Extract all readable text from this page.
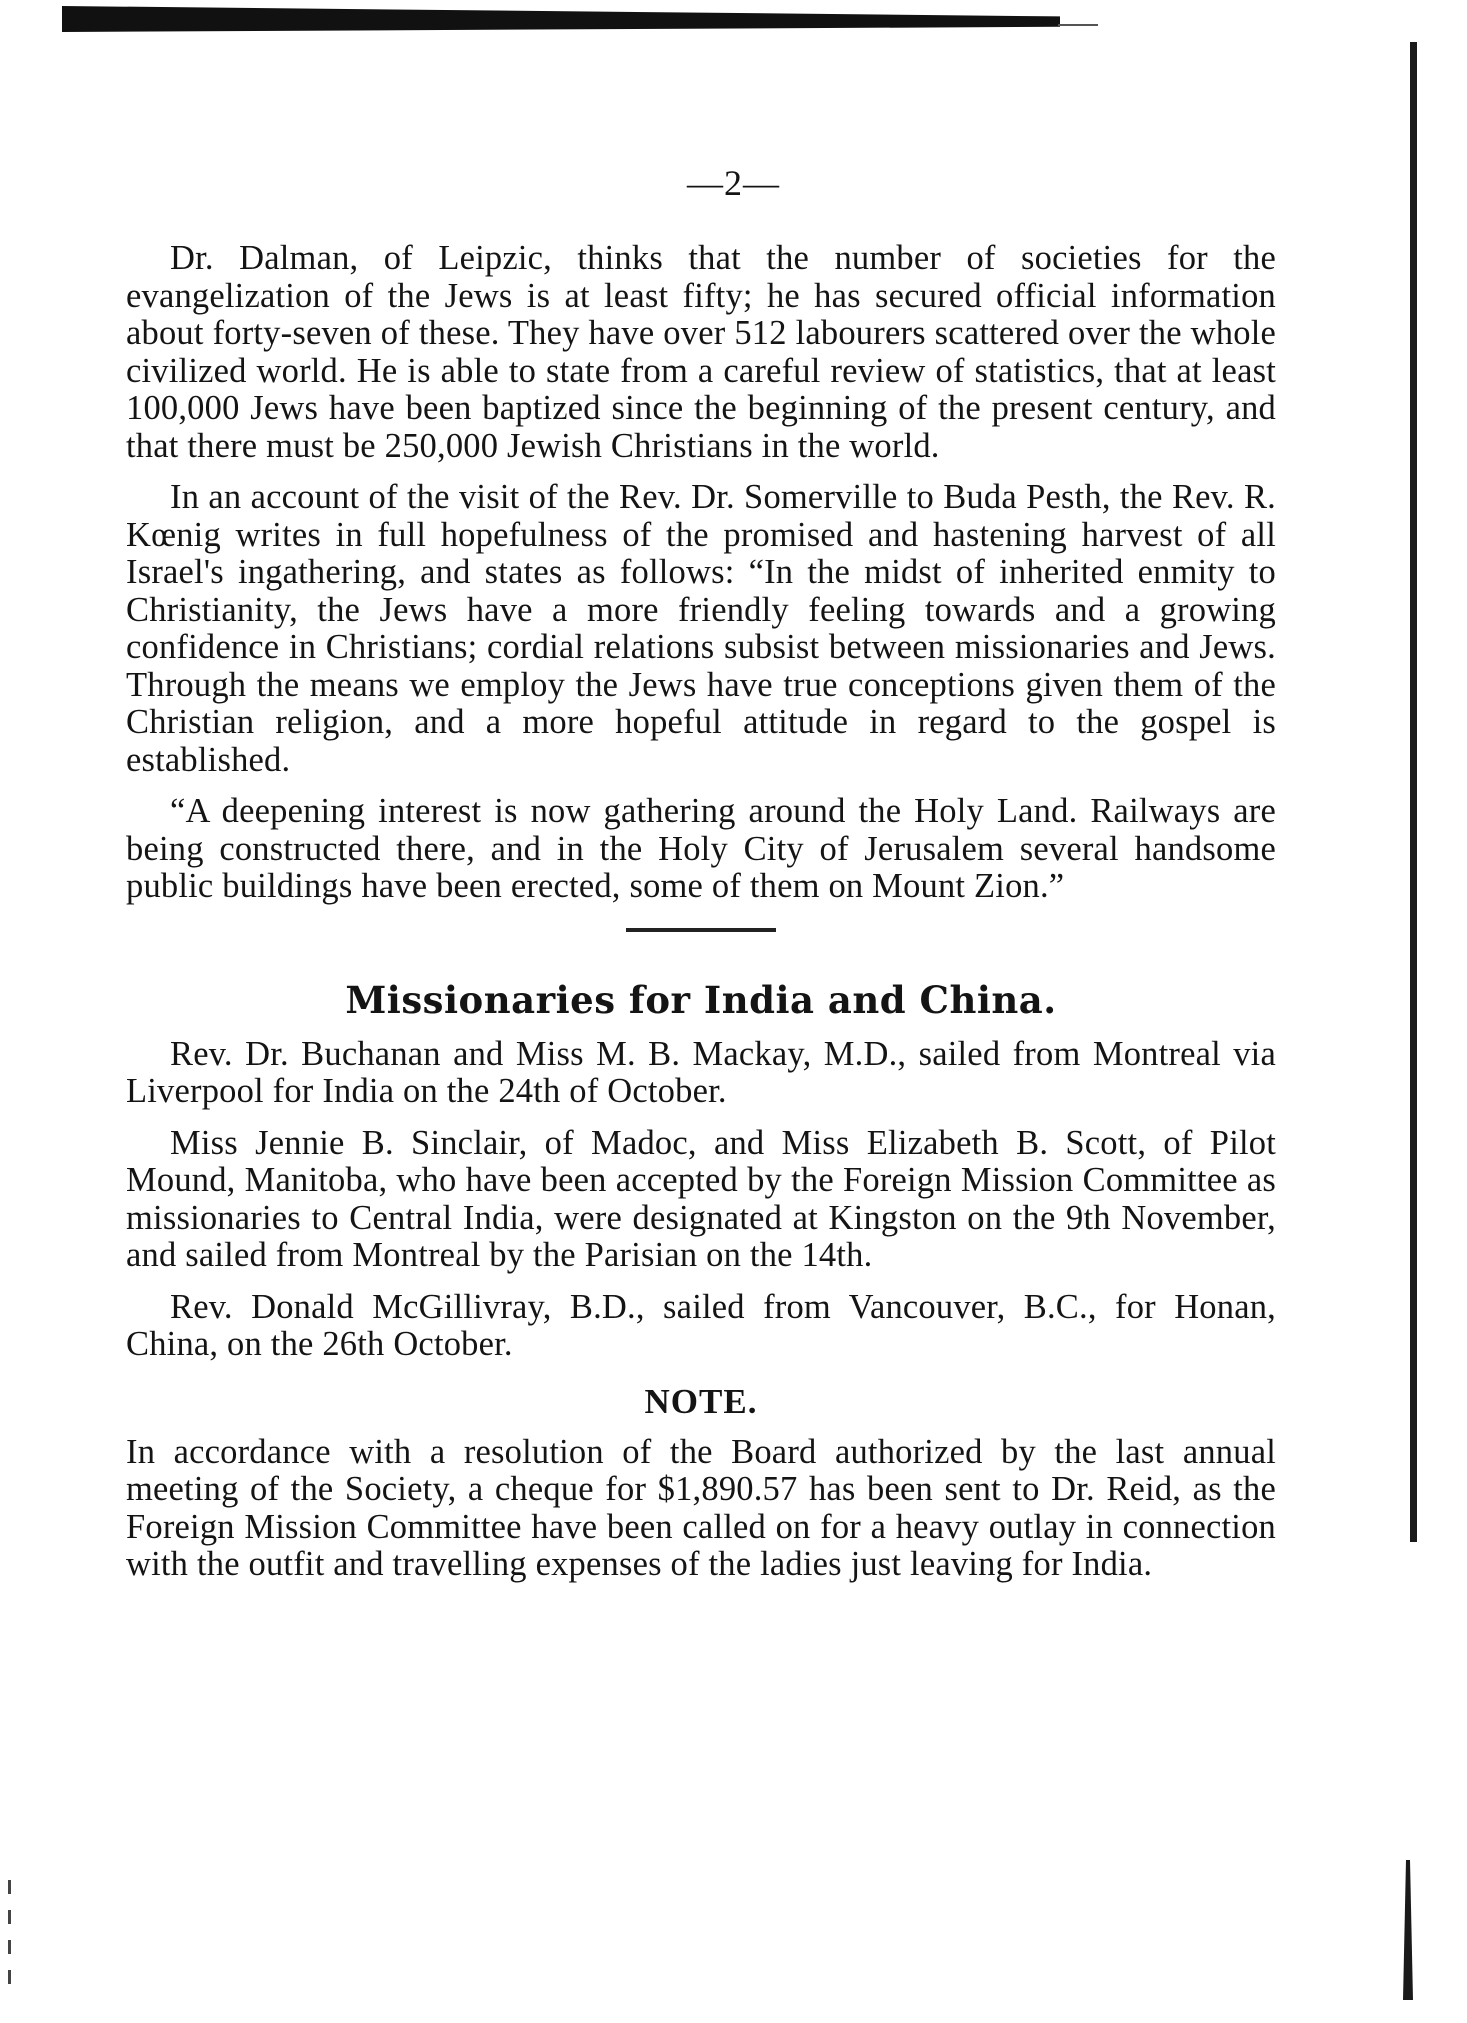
—2—

Dr. Dalman, of Leipzic, thinks that the number of societies for the evangelization of the Jews is at least fifty; he has secured official information about forty-seven of these. They have over 512 labourers scattered over the whole civilized world. He is able to state from a careful review of statistics, that at least 100,000 Jews have been baptized since the beginning of the present century, and that there must be 250,000 Jewish Christians in the world.

In an account of the visit of the Rev. Dr. Somerville to Buda Pesth, the Rev. R. Kœnig writes in full hopefulness of the promised and hastening harvest of all Israel's ingathering, and states as follows: “In the midst of inherited enmity to Christianity, the Jews have a more friendly feeling towards and a growing confidence in Christians; cordial relations subsist between missionaries and Jews. Through the means we employ the Jews have true conceptions given them of the Christian religion, and a more hopeful attitude in regard to the gospel is established.

“A deepening interest is now gathering around the Holy Land. Railways are being constructed there, and in the Holy City of Jerusalem several handsome public buildings have been erected, some of them on Mount Zion.”

Missionaries for India and China.

Rev. Dr. Buchanan and Miss M. B. Mackay, M.D., sailed from Montreal via Liverpool for India on the 24th of October.

Miss Jennie B. Sinclair, of Madoc, and Miss Elizabeth B. Scott, of Pilot Mound, Manitoba, who have been accepted by the Foreign Mission Committee as missionaries to Central India, were designated at Kingston on the 9th November, and sailed from Montreal by the Parisian on the 14th.

Rev. Donald McGillivray, B.D., sailed from Vancouver, B.C., for Honan, China, on the 26th October.

NOTE.

In accordance with a resolution of the Board authorized by the last annual meeting of the Society, a cheque for $1,890.57 has been sent to Dr. Reid, as the Foreign Mission Committee have been called on for a heavy outlay in connection with the outfit and travelling expenses of the ladies just leaving for India.
